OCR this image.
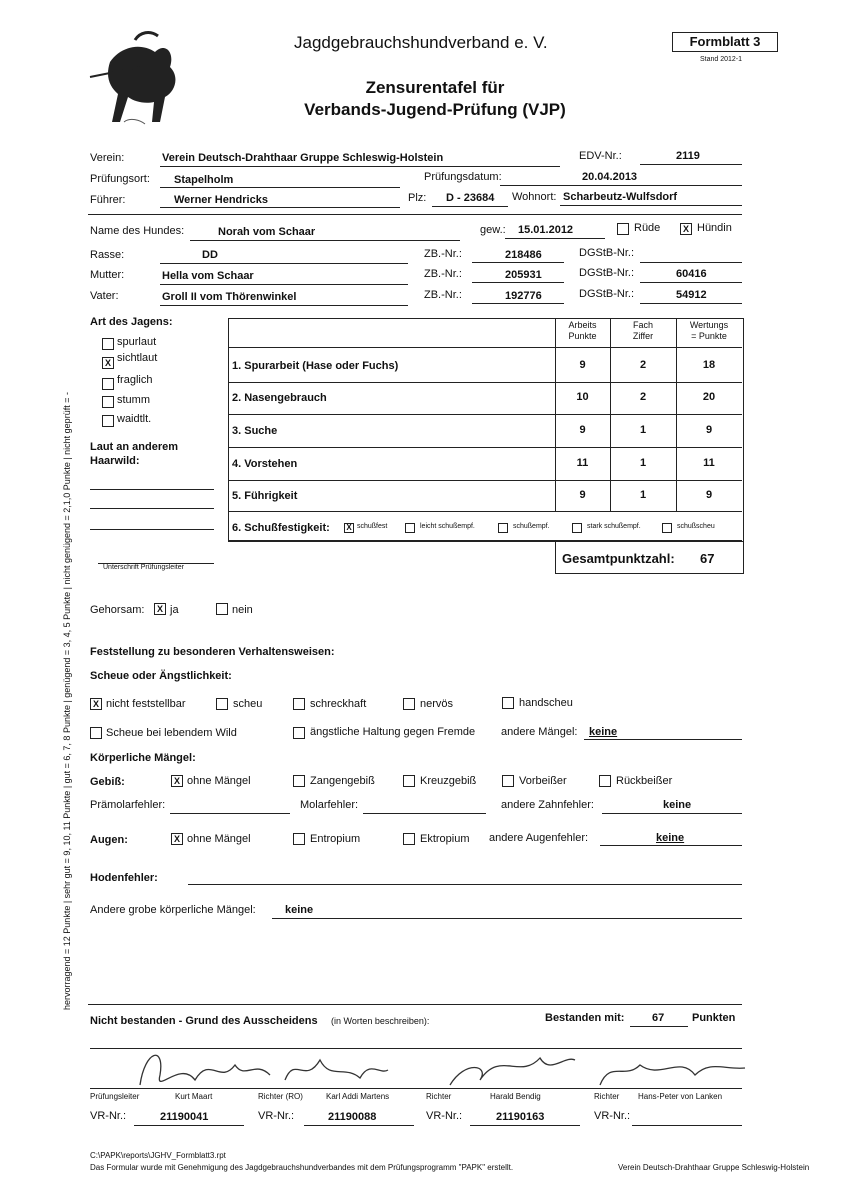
Jagdgebrauchshundverband e. V.	Formblatt 3
Stand 2012-1
Zensurentafel für
Verbands-Jugend-Prüfung (VJP)
hervorragend = 12 Punkte | sehr gut = 9, 10, 11 Punkte | gut = 6, 7, 8 Punkte | genügend = 3, 4, 5 Punkte | nicht genügend = 2,1,0 Punkte | nicht geprüft = -
Verein:	Verein Deutsch-Drahthaar Gruppe Schleswig-Holstein	EDV-Nr.:	2119
Prüfungsort: Stapelholm	Prüfungsdatum:	20.04.2013
Führer:	Werner Hendricks	Plz: D - 23684 Wohnort: Scharbeutz-Wulfsdorf
Name des Hundes:	Norah vom Schaar	gew.: 15.01.2012	Rüde	X Hündin
Rasse:	DD	ZB.-Nr.:	218486	DGStB-Nr.:
Mutter:	Hella vom Schaar	ZB.-Nr.:	205931	DGStB-Nr.:	60416
Vater:	Groll II vom Thörenwinkel	ZB.-Nr.:	192776	DGStB-Nr.:	54912
Art des Jagens:
spurlaut
X sichtlaut
fraglich
stumm
waidtlt.
Laut an anderem
Haarwild:
Unterschrift Prüfungsleiter
Arbeits
Punkte
Fach
Ziffer
Wertungs
= Punkte
1. Spurarbeit (Hase oder Fuchs)	9	2	18
2. Nasengebrauch	10	2	20
3. Suche	9	1	9
4. Vorstehen	11	1	11
5. Führigkeit	9	1	9
6. Schußfestigkeit: X schußfest	leicht schußempf.	schußempf.	stark schußempf.	schußscheu
Gesamtpunktzahl: 67
Gehorsam:	X ja	nein
Feststellung zu besonderen Verhaltensweisen:
Scheue oder Ängstlichkeit:
X nicht feststellbar	scheu	schreckhaft	nervös	handscheu
Scheue bei lebendem Wild	ängstliche Haltung gegen Fremde andere Mängel: keine
Körperliche Mängel:
Gebiß:	X ohne Mängel	Zangengebiß	Kreuzgebiß	Vorbeißer	Rückbeißer
Prämolarfehler:	Molarfehler:	andere Zahnfehler:	keine
Augen:	X ohne Mängel	Entropium	Ektropium andere Augenfehler:	keine
Hodenfehler:
Andere grobe körperliche Mängel:	keine
Nicht bestanden - Grund des Ausscheidens (in Worten beschreiben):	Bestanden mit:	67	Punkten
Prüfungsleiter	Kurt Maart	Richter (RO)	Karl Addi Martens	Richter	Harald Bendig	Richter Hans-Peter von Lanken
VR-Nr.:	21190041	VR-Nr.:	21190088	VR-Nr.:	21190163	VR-Nr.:
C:\PAPK\reports\JGHV_Formblatt3.rpt
Das Formular wurde mit Genehmigung des Jagdgebrauchshundverbandes mit dem Prüfungsprogramm "PAPK" erstellt.	Verein Deutsch-Drahthaar Gruppe Schleswig-Holstein
